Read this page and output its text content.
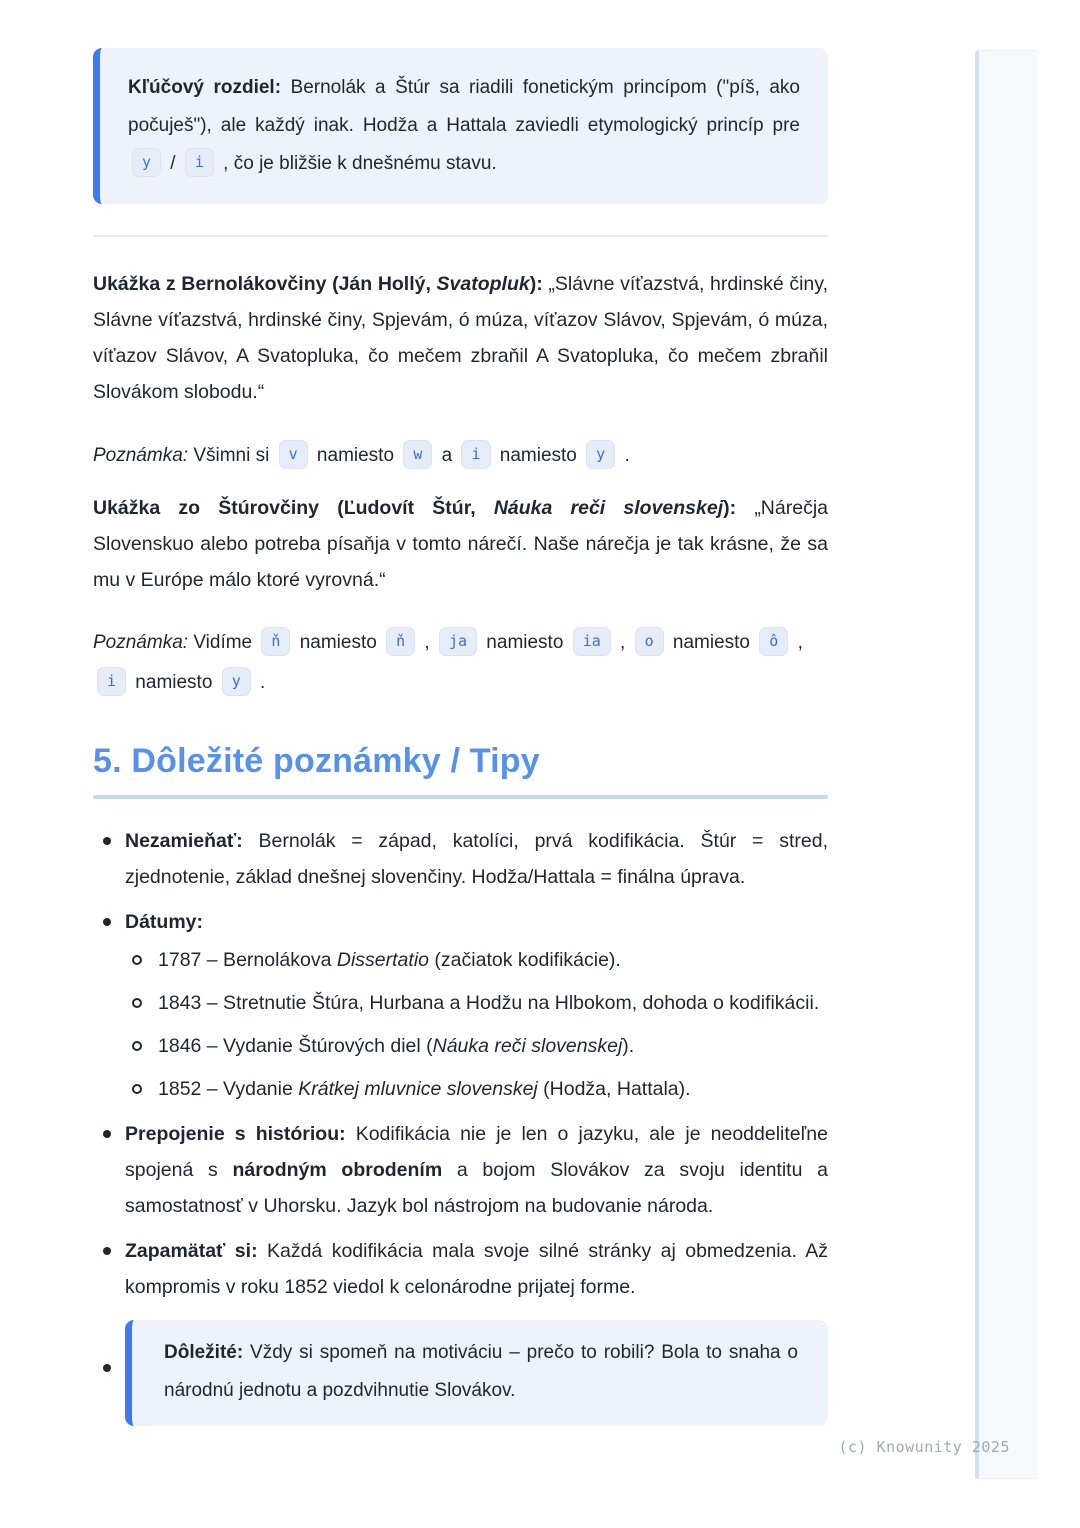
Kľúčový rozdiel: Bernolák a Štúr sa riadili fonetickým princípom ("píš, ako počuješ"), ale každý inak. Hodža a Hattala zaviedli etymologický princíp pre y / i , čo je bližšie k dnešnému stavu.

Ukážka z Bernolákovčiny (Ján Hollý, Svatopluk): „Slávne víťazstvá, hrdinské činy, Slávne víťazstvá, hrdinské činy, Spjevám, ó múza, víťazov Slávov, Spjevám, ó múza, víťazov Slávov, A Svatopluka, čo mečem zbraňil A Svatopluka, čo mečem zbraňil Slovákom slobodu.“

Poznámka: Všimni si v namiesto w a i namiesto y .

Ukážka zo Štúrovčiny (Ľudovít Štúr, Náuka reči slovenskej): „Nárečja Slovenskuo alebo potreba písaňja v tomto nárečí. Naše nárečja je tak krásne, že sa mu v Európe málo ktoré vyrovná.“

Poznámka: Vidíme ň namiesto ň , ja namiesto ia , o namiesto ô , i namiesto y .

5. Dôležité poznámky / Tipy

Nezamieňať: Bernolák = západ, katolíci, prvá kodifikácia. Štúr = stred, zjednotenie, základ dnešnej slovenčiny. Hodža/Hattala = finálna úprava.

Dátumy:

1787 – Bernolákova Dissertatio (začiatok kodifikácie).

1843 – Stretnutie Štúra, Hurbana a Hodžu na Hlbokom, dohoda o kodifikácii.

1846 – Vydanie Štúrových diel (Náuka reči slovenskej).

1852 – Vydanie Krátkej mluvnice slovenskej (Hodža, Hattala).

Prepojenie s históriou: Kodifikácia nie je len o jazyku, ale je neoddeliteľne spojená s národným obrodením a bojom Slovákov za svoju identitu a samostatnosť v Uhorsku. Jazyk bol nástrojom na budovanie národa.

Zapamätať si: Každá kodifikácia mala svoje silné stránky aj obmedzenia. Až kompromis v roku 1852 viedol k celonárodne prijatej forme.

Dôležité: Vždy si spomeň na motiváciu – prečo to robili? Bola to snaha o národnú jednotu a pozdvihnutie Slovákov.

(c) Knowunity 2025
